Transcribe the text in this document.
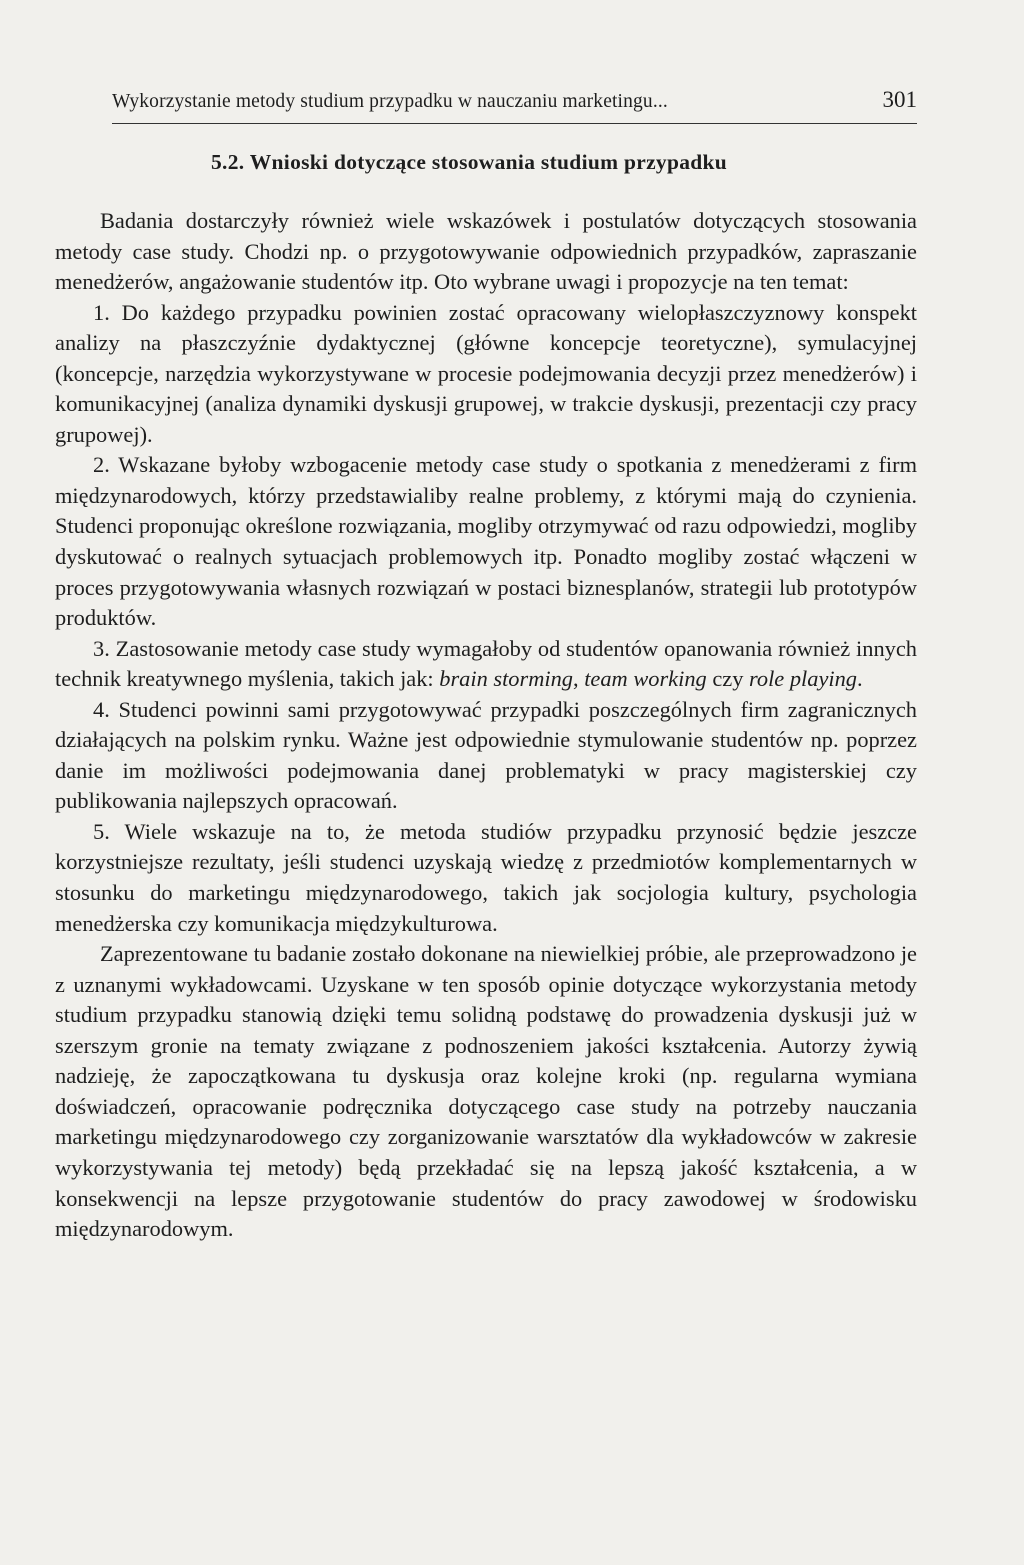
Wykorzystanie metody studium przypadku w nauczaniu marketingu...	301
5.2. Wnioski dotyczące stosowania studium przypadku

Badania dostarczyły również wiele wskazówek i postulatów dotyczących stosowania metody case study. Chodzi np. o przygotowywanie odpowiednich przypadków, zapraszanie menedżerów, angażowanie studentów itp. Oto wybrane uwagi i propozycje na ten temat:

1. Do każdego przypadku powinien zostać opracowany wielopłaszczyznowy konspekt analizy na płaszczyźnie dydaktycznej (główne koncepcje teoretyczne), symulacyjnej (koncepcje, narzędzia wykorzystywane w procesie podejmowania decyzji przez menedżerów) i komunikacyjnej (analiza dynamiki dyskusji grupowej, w trakcie dyskusji, prezentacji czy pracy grupowej).

2. Wskazane byłoby wzbogacenie metody case study o spotkania z menedżerami z firm międzynarodowych, którzy przedstawialiby realne problemy, z którymi mają do czynienia. Studenci proponując określone rozwiązania, mogliby otrzymywać od razu odpowiedzi, mogliby dyskutować o realnych sytuacjach problemowych itp. Ponadto mogliby zostać włączeni w proces przygotowywania własnych rozwiązań w postaci biznesplanów, strategii lub prototypów produktów.

3. Zastosowanie metody case study wymagałoby od studentów opanowania również innych technik kreatywnego myślenia, takich jak: brain storming, team working czy role playing.

4. Studenci powinni sami przygotowywać przypadki poszczególnych firm zagranicznych działających na polskim rynku. Ważne jest odpowiednie stymulowanie studentów np. poprzez danie im możliwości podejmowania danej problematyki w pracy magisterskiej czy publikowania najlepszych opracowań.

5. Wiele wskazuje na to, że metoda studiów przypadku przynosić będzie jeszcze korzystniejsze rezultaty, jeśli studenci uzyskają wiedzę z przedmiotów komplementarnych w stosunku do marketingu międzynarodowego, takich jak socjologia kultury, psychologia menedżerska czy komunikacja międzykulturowa.

Zaprezentowane tu badanie zostało dokonane na niewielkiej próbie, ale przeprowadzono je z uznanymi wykładowcami. Uzyskane w ten sposób opinie dotyczące wykorzystania metody studium przypadku stanowią dzięki temu solidną podstawę do prowadzenia dyskusji już w szerszym gronie na tematy związane z podnoszeniem jakości kształcenia. Autorzy żywią nadzieję, że zapoczątkowana tu dyskusja oraz kolejne kroki (np. regularna wymiana doświadczeń, opracowanie podręcznika dotyczącego case study na potrzeby nauczania marketingu międzynarodowego czy zorganizowanie warsztatów dla wykładowców w zakresie wykorzystywania tej metody) będą przekładać się na lepszą jakość kształcenia, a w konsekwencji na lepsze przygotowanie studentów do pracy zawodowej w środowisku międzynarodowym.
